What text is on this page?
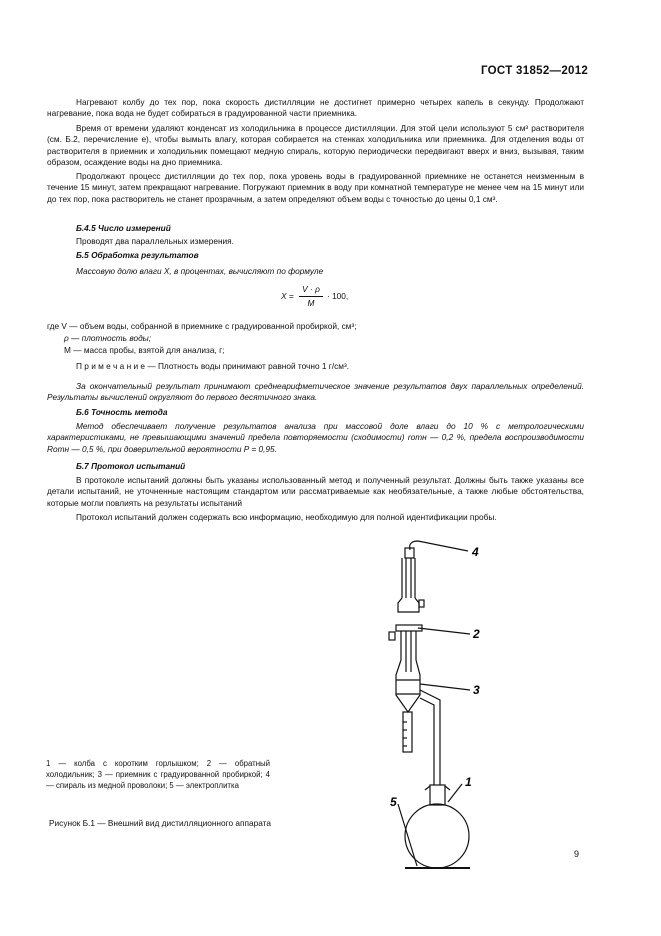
ГОСТ 31852—2012

Нагревают колбу до тех пор, пока скорость дистилляции не достигнет примерно четырех капель в секунду. Продолжают нагревание, пока вода не будет собираться в градуированной части приемника.

Время от времени удаляют конденсат из холодильника в процессе дистилляции. Для этой цели используют 5 см³ растворителя (см. Б.2, перечисление е), чтобы вымыть влагу, которая собирается на стенках холодильника или приемника. Для отделения воды от растворителя в приемник и холодильник помещают медную спираль, которую периодически передвигают вверх и вниз, вызывая, таким образом, осаждение воды на дно приемника.

Продолжают процесс дистилляции до тех пор, пока уровень воды в градуированной приемнике не останется неизменным в течение 15 минут, затем прекращают нагревание. Погружают приемник в воду при комнатной температуре не менее чем на 15 минут или до тех пор, пока растворитель не станет прозрачным, а затем определяют объем воды с точностью до цены 0,1 см³.

Б.4.5 Число измерений

Проводят два параллельных измерения.

Б.5 Обработка результатов

Массовую долю влаги X, в процентах, вычисляют по формуле

X =
V · ρ
M
· 100,

где V — объем воды, собранной в приемнике с градуированной пробиркой, см³;

ρ — плотность воды;

M — масса пробы, взятой для анализа, г;

П р и м е ч а н и е — Плотность воды принимают равной точно 1 г/см³.

За окончательный результат принимают среднеарифметическое значение результатов двух параллельных определений. Результаты вычислений округляют до первого десятичного знака.

Б.6 Точность метода

Метод обеспечивает получение результатов анализа при массовой доле влаги до 10 % с метрологическими характеристиками, не превышающими значений предела повторяемости (сходимости) rотн — 0,2 %, предела воспроизводимости Rотн — 0,5 %, при доверительной вероятности P = 0,95.

Б.7 Протокол испытаний

В протоколе испытаний должны быть указаны использованный метод и полученный результат. Должны быть также указаны все детали испытаний, не уточненные настоящим стандартом или рассматриваемые как необязательные, а также любые обстоятельства, которые могли повлиять на результаты испытаний

Протокол испытаний должен содержать всю информацию, необходимую для полной идентификации пробы.

4
2
3
1
5
1 — колба с коротким горлышком; 2 — обратный холодильник; 3 — приемник с градуированной пробиркой; 4 — спираль из медной проволоки; 5 — электроплитка
Рисунок Б.1 — Внешний вид дистилляционного аппарата
9
